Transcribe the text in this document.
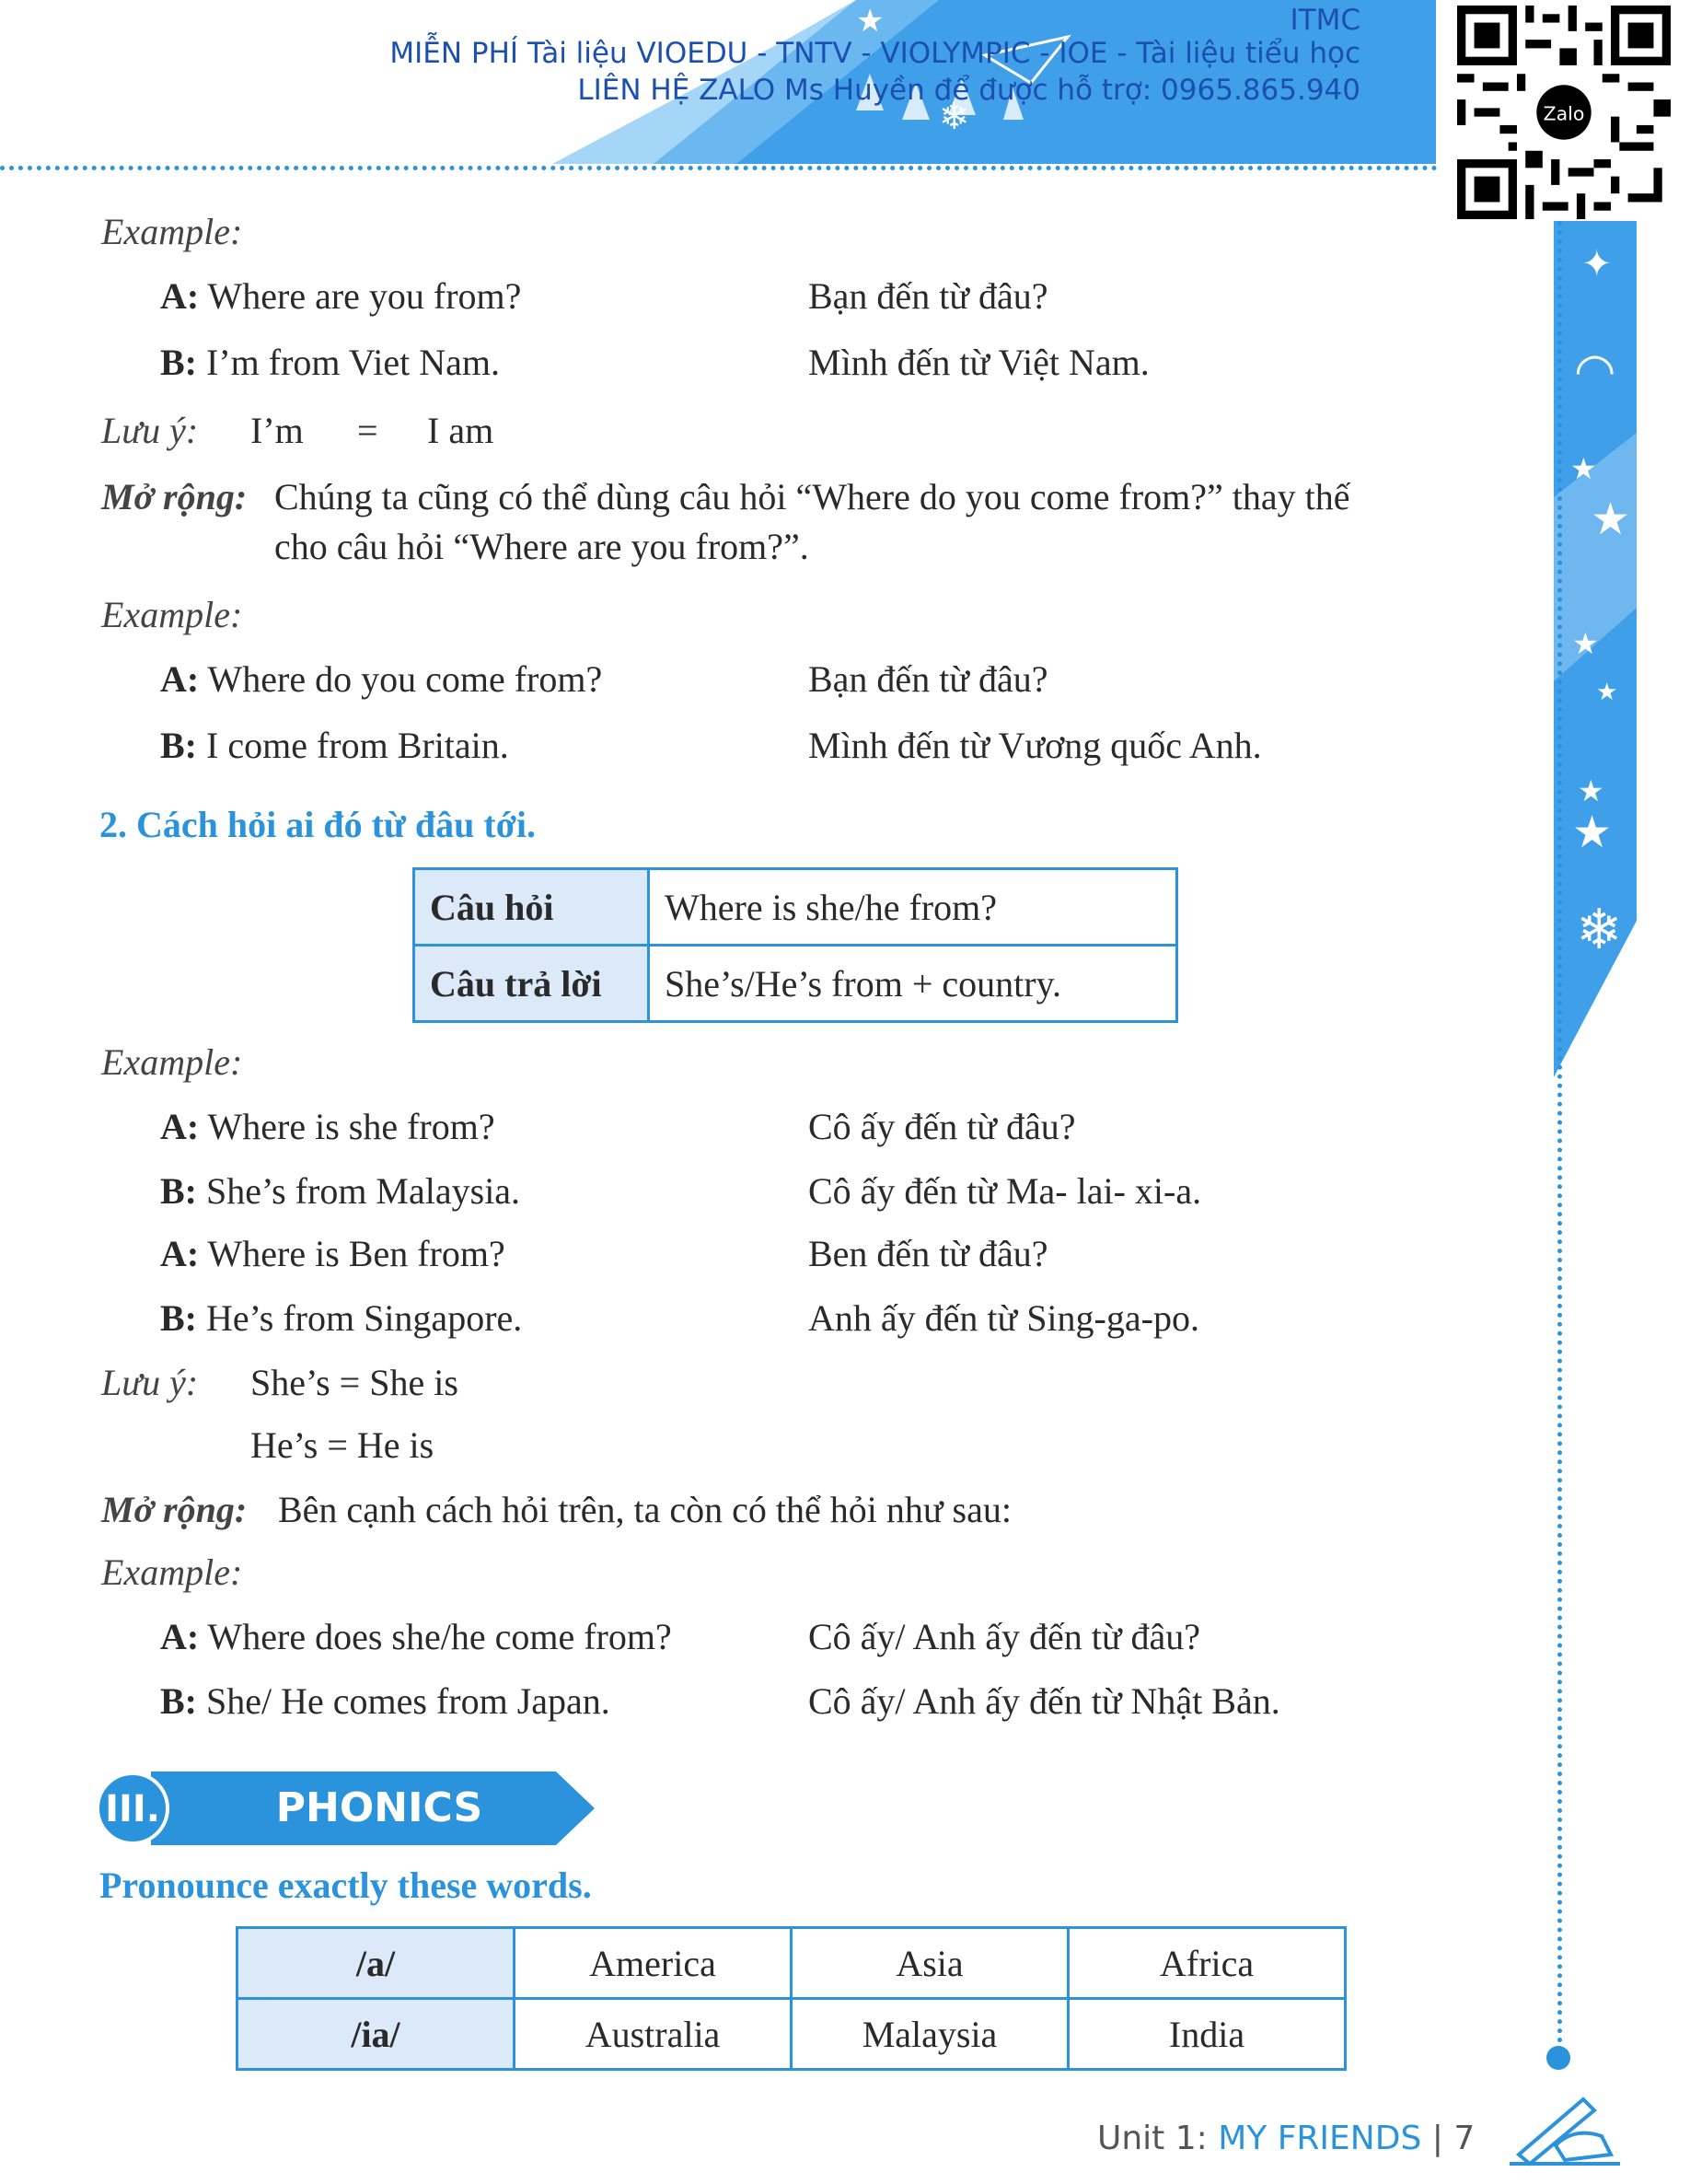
★
❄
ITMC
MIỄN PHÍ Tài liệu VIOEDU - TNTV - VIOLYMPIC - IOE - Tài liệu tiểu học
LIÊN HỆ ZALO Ms Huyền để được hỗ trợ: 0965.865.940
Zalo
✦
◠
★
★
★
★
★
★
❄
Example:
A: Where are you from?	Bạn đến từ đâu?
B: I’m from Viet Nam.	Mình đến từ Việt Nam.
Lưu ý: I’m = I am
Mở rộng: Chúng ta cũng có thể dùng câu hỏi “Where do you come from?” thay thế
cho câu hỏi “Where are you from?”.
Example:
A: Where do you come from?	Bạn đến từ đâu?
B: I come from Britain.	Mình đến từ Vương quốc Anh.
2. Cách hỏi ai đó từ đâu tới.
Câu hỏi	Where is she/he from?
Câu trả lời	She’s/He’s from + country.
Example:
A: Where is she from?	Cô ấy đến từ đâu?
B: She’s from Malaysia.	Cô ấy đến từ Ma- lai- xi-a.
A: Where is Ben from?	Ben đến từ đâu?
B: He’s from Singapore.	Anh ấy đến từ Sing-ga-po.
Lưu ý: She’s = She is
He’s = He is
Mở rộng: Bên cạnh cách hỏi trên, ta còn có thể hỏi như sau:
Example:
A: Where does she/he come from?	Cô ấy/ Anh ấy đến từ đâu?
B: She/ He comes from Japan.	Cô ấy/ Anh ấy đến từ Nhật Bản.
III.	PHONICS
Pronounce exactly these words.
/a/	America	Asia	Africa
/ia/	Australia	Malaysia	India
Unit 1: MY FRIENDS | 7
